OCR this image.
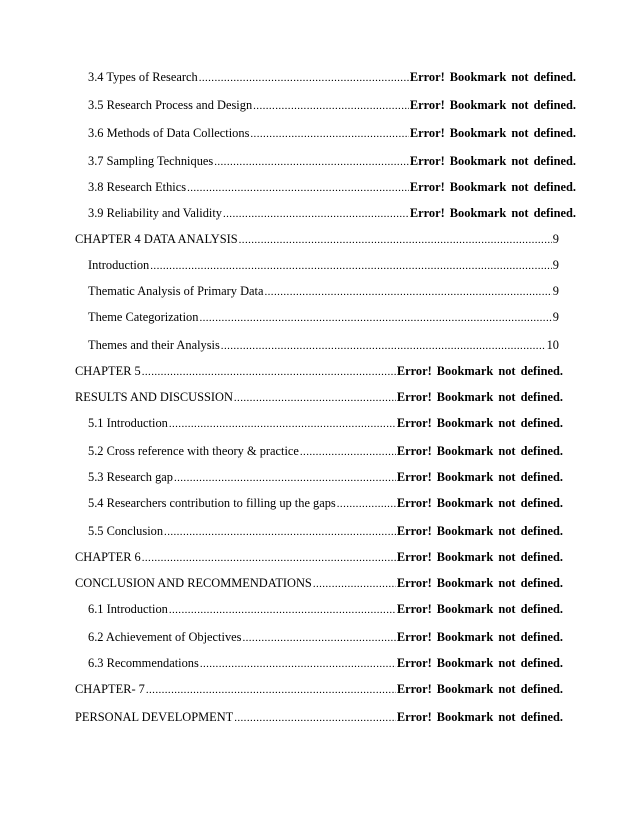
3.4 Types of Research .....	Error! Bookmark not defined.
3.5 Research Process and Design .....	Error! Bookmark not defined.
3.6 Methods of Data Collections .....	Error! Bookmark not defined.
3.7 Sampling Techniques .....	Error! Bookmark not defined.
3.8 Research Ethics .....	Error! Bookmark not defined.
3.9 Reliability and Validity .....	Error! Bookmark not defined.
CHAPTER 4 DATA ANALYSIS .....	9
Introduction .....	9
Thematic Analysis of Primary Data .....	9
Theme Categorization .....	9
Themes and their Analysis .....	10
CHAPTER 5 .....	Error! Bookmark not defined.
RESULTS AND DISCUSSION .....	Error! Bookmark not defined.
5.1 Introduction .....	Error! Bookmark not defined.
5.2 Cross reference with theory & practice .....	Error! Bookmark not defined.
5.3 Research gap .....	Error! Bookmark not defined.
5.4 Researchers contribution to filling up the gaps .....	Error! Bookmark not defined.
5.5 Conclusion .....	Error! Bookmark not defined.
CHAPTER 6 .....	Error! Bookmark not defined.
CONCLUSION AND RECOMMENDATIONS .....	Error! Bookmark not defined.
6.1 Introduction .....	Error! Bookmark not defined.
6.2 Achievement of Objectives .....	Error! Bookmark not defined.
6.3 Recommendations .....	Error! Bookmark not defined.
CHAPTER- 7 .....	Error! Bookmark not defined.
PERSONAL DEVELOPMENT .....	Error! Bookmark not defined.
